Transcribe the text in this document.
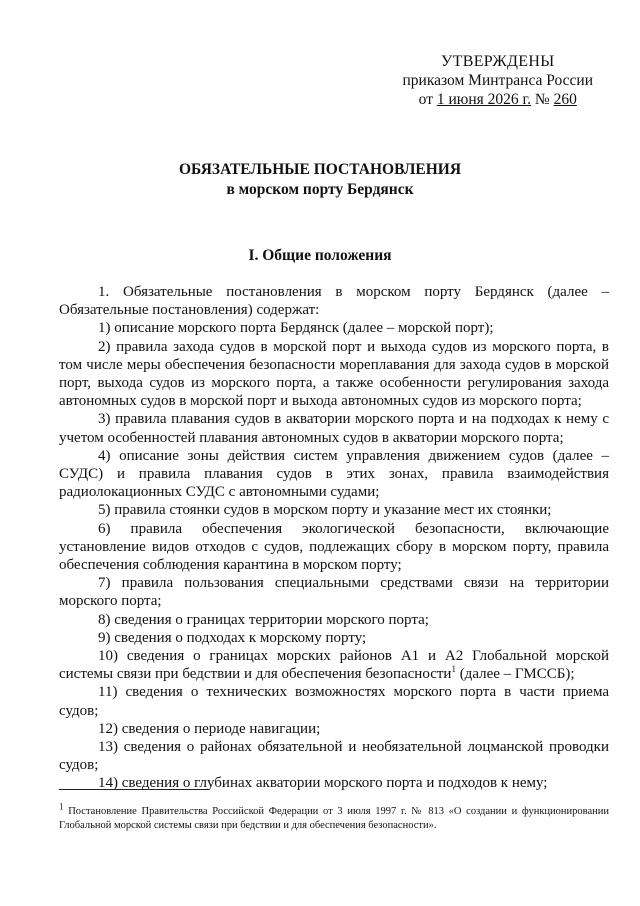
УТВЕРЖДЕНЫ
приказом Минтранса России
от 1 июня 2026 г. № 260
ОБЯЗАТЕЛЬНЫЕ ПОСТАНОВЛЕНИЯ
в морском порту Бердянск
I. Общие положения

1. Обязательные постановления в морском порту Бердянск (далее – Обязательные постановления) содержат:

1) описание морского порта Бердянск (далее – морской порт);

2) правила захода судов в морской порт и выхода судов из морского порта, в том числе меры обеспечения безопасности мореплавания для захода судов в морской порт, выхода судов из морского порта, а также особенности регулирования захода автономных судов в морской порт и выхода автономных судов из морского порта;

3) правила плавания судов в акватории морского порта и на подходах к нему с учетом особенностей плавания автономных судов в акватории морского порта;

4) описание зоны действия систем управления движением судов (далее – СУДС) и правила плавания судов в этих зонах, правила взаимодействия радиолокационных СУДС с автономными судами;

5) правила стоянки судов в морском порту и указание мест их стоянки;

6) правила обеспечения экологической безопасности, включающие установление видов отходов с судов, подлежащих сбору в морском порту, правила обеспечения соблюдения карантина в морском порту;

7) правила пользования специальными средствами связи на территории морского порта;

8) сведения о границах территории морского порта;

9) сведения о подходах к морскому порту;

10) сведения о границах морских районов А1 и А2 Глобальной морской системы связи при бедствии и для обеспечения безопасности$^1$ (далее – ГМССБ);

11) сведения о технических возможностях морского порта в части приема судов;

12) сведения о периоде навигации;

13) сведения о районах обязательной и необязательной лоцманской проводки судов;

14) сведения о глубинах акватории морского порта и подходов к нему;

$^1$ Постановление Правительства Российской Федерации от 3 июля 1997 г. № 813 «О создании и функционировании Глобальной морской системы связи при бедствии и для обеспечения безопасности».
